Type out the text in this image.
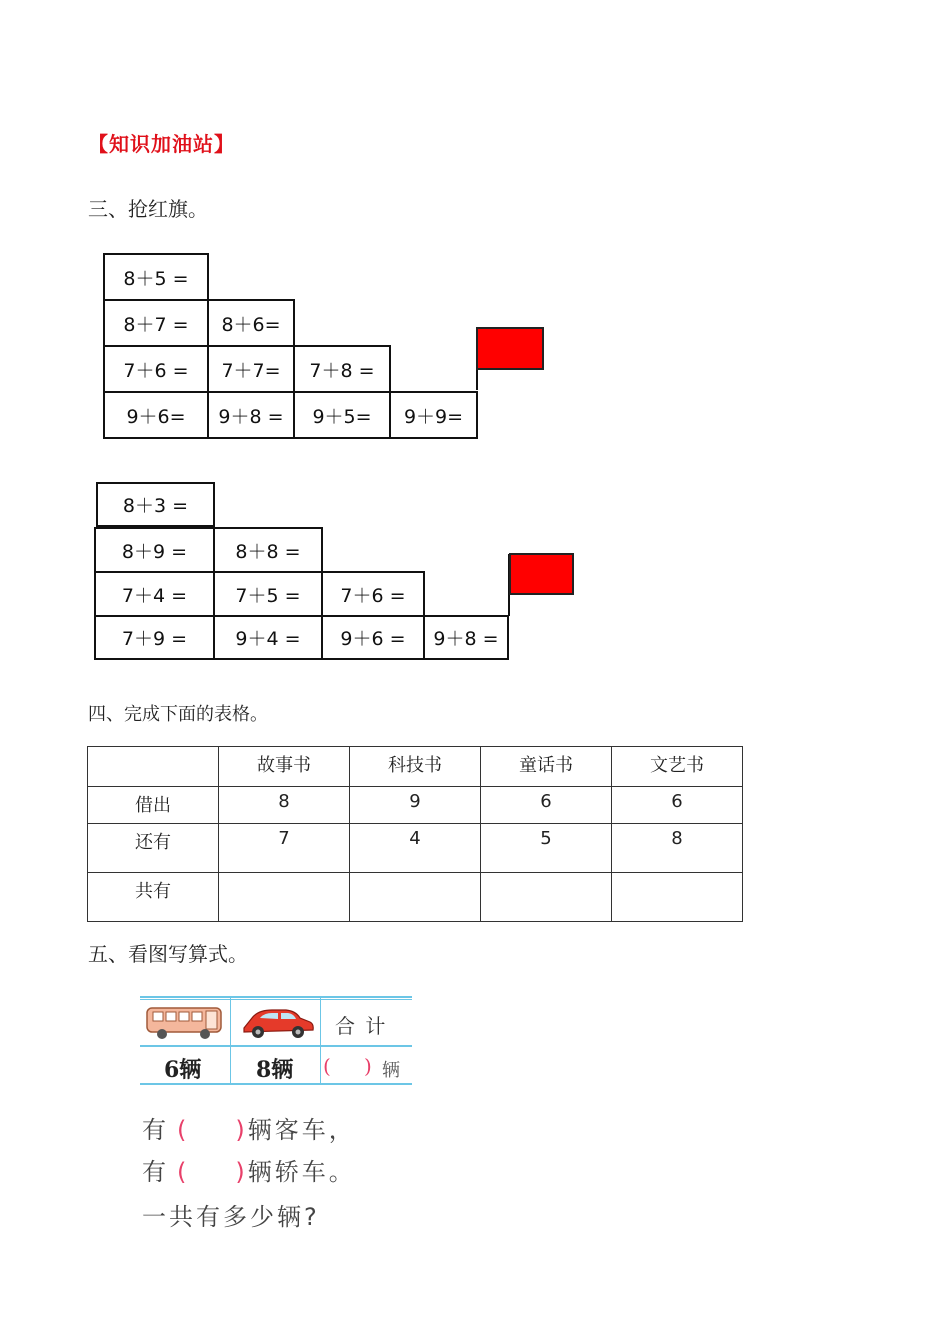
【知识加油站】
三、抢红旗。
8＋5 =
8＋7 =	8＋6=
7＋6 =	7＋7=	7＋8 =
9＋6=	9＋8 =	9＋5=	9＋9=
8＋3 =
8＋9 =	8＋8 =
7＋4 =	7＋5 =	7＋6 =
7＋9 =	9＋4 =	9＋6 =	9＋8 =
四、完成下面的表格。
	故事书	科技书	童话书	文艺书
借出	8	9	6	6
还有	7	4	5	8
共有				
五、看图写算式。
合 计
6辆 8辆 ( ) 辆
有 ( )辆客车，
有 ( )辆轿车。
一共有多少辆?
